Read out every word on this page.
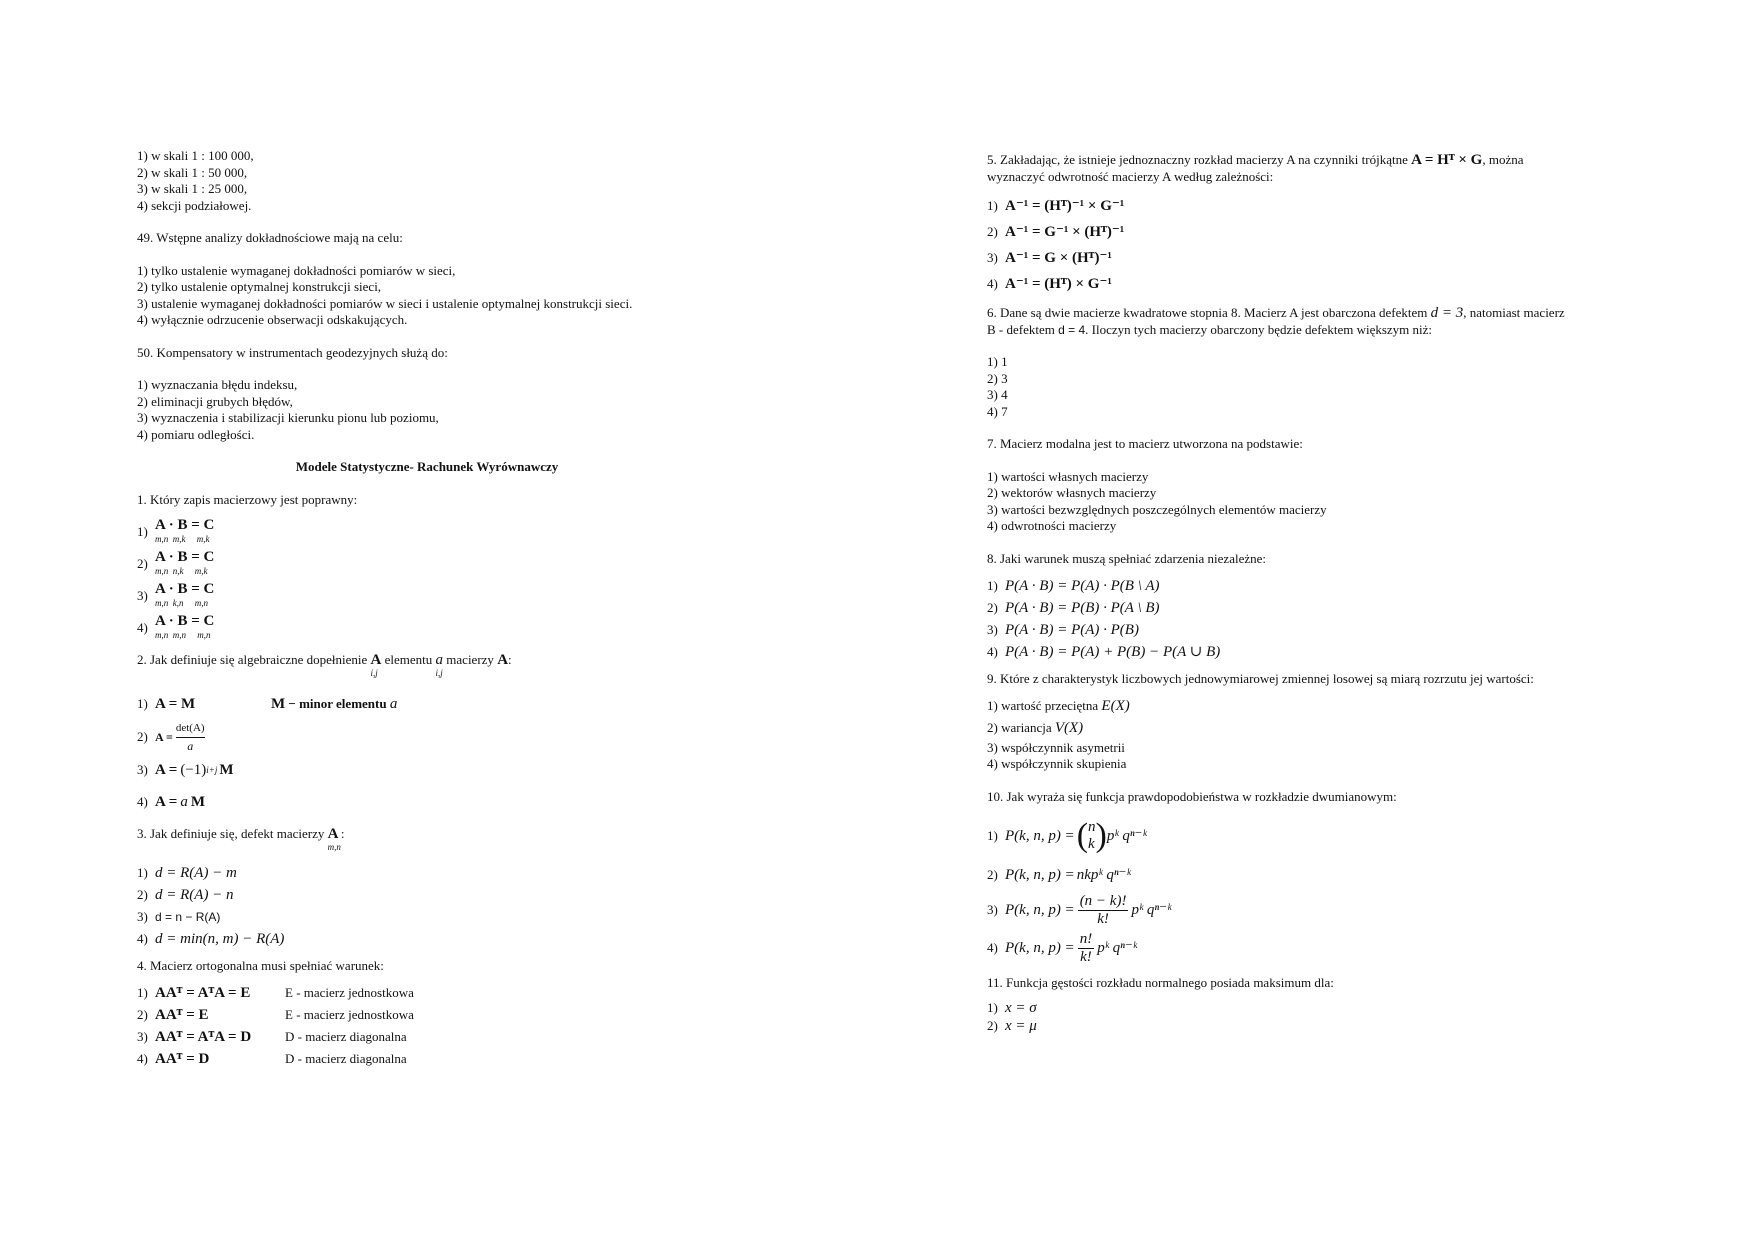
1) w skali 1 : 100 000,
2) w skali 1 : 50 000,
3) w skali 1 : 25 000,
4) sekcji podziałowej.
49. Wstępne analizy dokładnościowe mają na celu:
1) tylko ustalenie wymaganej dokładności pomiarów w sieci,
2) tylko ustalenie optymalnej konstrukcji sieci,
3) ustalenie wymaganej dokładności pomiarów w sieci i ustalenie optymalnej konstrukcji sieci.
4) wyłącznie odrzucenie obserwacji odskakujących.
50. Kompensatory w instrumentach geodezyjnych służą do:
1) wyznaczania błędu indeksu,
2) eliminacji grubych błędów,
3) wyznaczenia i stabilizacji kierunku pionu lub poziomu,
4) pomiaru odległości.
Modele Statystyczne- Rachunek Wyrównawczy
1. Który zapis macierzowy jest poprawny:
1) A · B = C
m,n  m,k     m,k
2) A · B = C
m,n  n,k     m,k
3) A · B = C
m,n  k,n     m,n
4) A · B = C
m,n  m,n     m,n
2. Jak definiuje się algebraiczne dopełnienie
A
i,j

elementu
a
i,j

macierzy
A :
1) A = M	M − minor elementu a
2) A =
det(A)
a
3) A = (−1) i+j M
4) A = a M
3. Jak definiuje się, defekt macierzy
A
m,n
:
1) d = R(A) − m
2) d = R(A) − n
3) d = n − R(A)
4) d = min(n, m) − R(A)
4. Macierz ortogonalna musi spełniać warunek:
1) AAᵀ = AᵀA = E	E - macierz jednostkowa
2) AAᵀ = E	E - macierz jednostkowa
3) AAᵀ = AᵀA = D	D - macierz diagonalna
4) AAᵀ = D	D - macierz diagonalna
5. Zakładając, że istnieje jednoznaczny rozkład macierzy A na czynniki trójkątne
A = Hᵀ × G , można
wyznaczyć odwrotność macierzy A według zależności:
1) A⁻¹ = (Hᵀ)⁻¹ × G⁻¹
2) A⁻¹ = G⁻¹ × (Hᵀ)⁻¹
3) A⁻¹ = G × (Hᵀ)⁻¹
4) A⁻¹ = (Hᵀ) × G⁻¹
6. Dane są dwie macierze kwadratowe stopnia 8. Macierz A jest obarczona defektem
d = 3 , natomiast macierz
B - defektem
d = 4 . Iloczyn tych macierzy obarczony będzie defektem większym niż:
1) 1
2) 3
3) 4
4) 7
7. Macierz modalna jest to macierz utworzona na podstawie:
1) wartości własnych macierzy
2) wektorów własnych macierzy
3) wartości bezwzględnych poszczególnych elementów macierzy
4) odwrotności macierzy
8. Jaki warunek muszą spełniać zdarzenia niezależne:
1) P(A · B) = P(A) · P(B \ A)
2) P(A · B) = P(B) · P(A \ B)
3) P(A · B) = P(A) · P(B)
4) P(A · B) = P(A) + P(B) − P(A ∪ B)
9. Które z charakterystyk liczbowych jednowymiarowej zmiennej losowej są miarą rozrzutu jej wartości:
1) wartość przeciętna
E(X)
2) wariancja
V(X)
3) współczynnik asymetrii
4) współczynnik skupienia
10. Jak wyraża się funkcja prawdopodobieństwa w rozkładzie dwumianowym:
1) P(k, n, p) = ( n
k ) pᵏ qⁿ⁻ᵏ
2) P(k, n, p) = nkpᵏ qⁿ⁻ᵏ
3) P(k, n, $p) = \frac{(n - k)!}{k!}$ pᵏ qⁿ⁻ᵏ
4) P(k, n, $p) = \frac{n!}{k!}$ pᵏ qⁿ⁻ᵏ
11. Funkcja gęstości rozkładu normalnego posiada maksimum dla:
1) x = σ
2) x = μ
